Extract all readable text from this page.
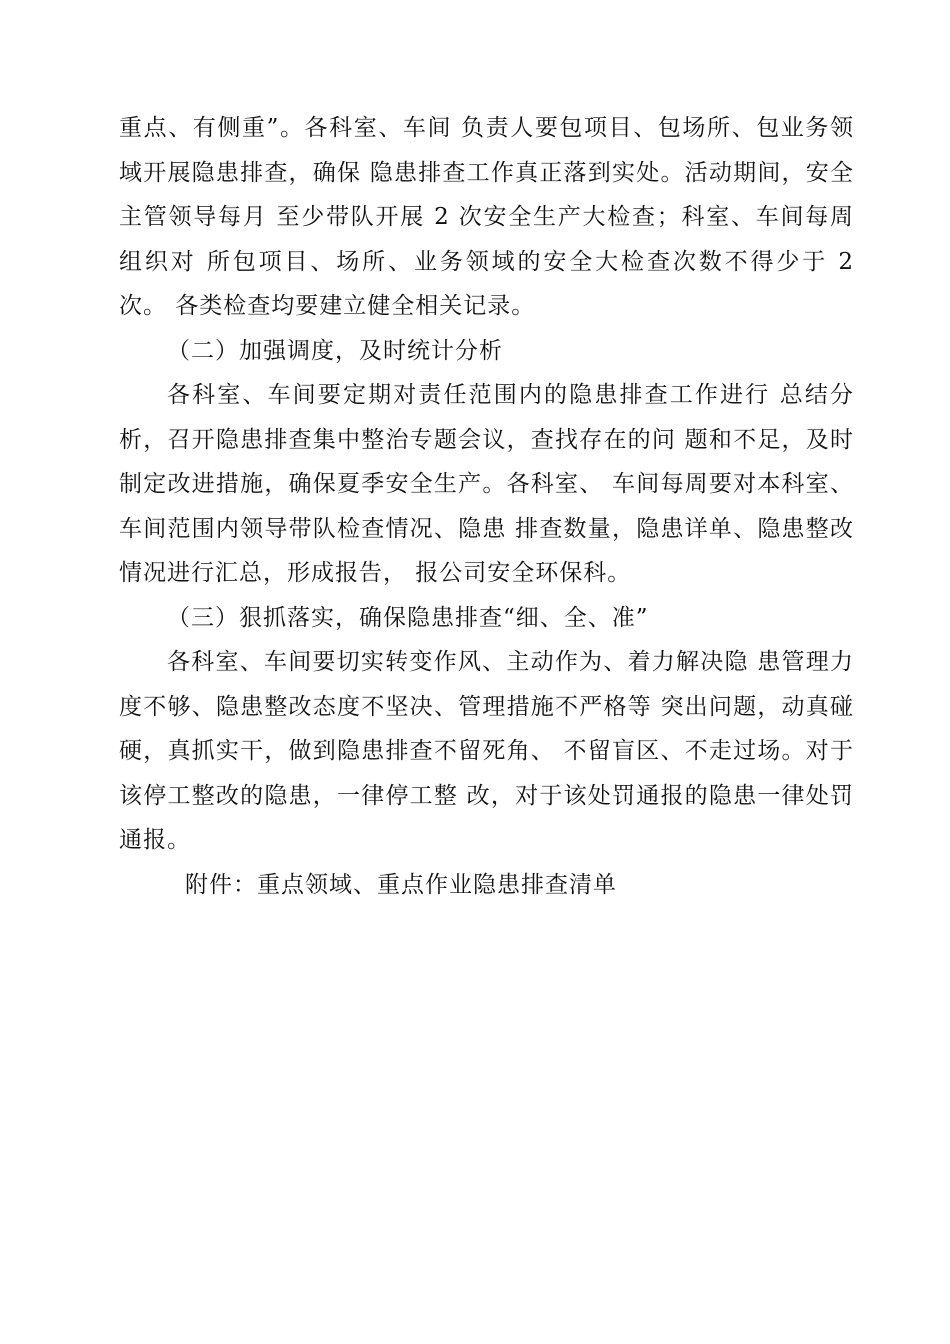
重点、有侧重”。各科室、车间 负责人要包项目、包场所、包业务领域开展隐患排查，确保 隐患排查工作真正落到实处。活动期间，安全主管领导每月 至少带队开展 2 次安全生产大检查；科室、车间每周组织对 所包项目、场所、业务领域的安全大检查次数不得少于 2 次。 各类检查均要建立健全相关记录。

（二）加强调度，及时统计分析

各科室、车间要定期对责任范围内的隐患排查工作进行 总结分析，召开隐患排查集中整治专题会议，查找存在的问 题和不足，及时制定改进措施，确保夏季安全生产。各科室、 车间每周要对本科室、车间范围内领导带队检查情况、隐患 排查数量，隐患详单、隐患整改情况进行汇总，形成报告， 报公司安全环保科。

（三）狠抓落实，确保隐患排查“细、全、准”

各科室、车间要切实转变作风、主动作为、着力解决隐 患管理力度不够、隐患整改态度不坚决、管理措施不严格等 突出问题，动真碰硬，真抓实干，做到隐患排查不留死角、 不留盲区、不走过场。对于该停工整改的隐患，一律停工整 改，对于该处罚通报的隐患一律处罚通报。

附件：重点领域、重点作业隐患排查清单
